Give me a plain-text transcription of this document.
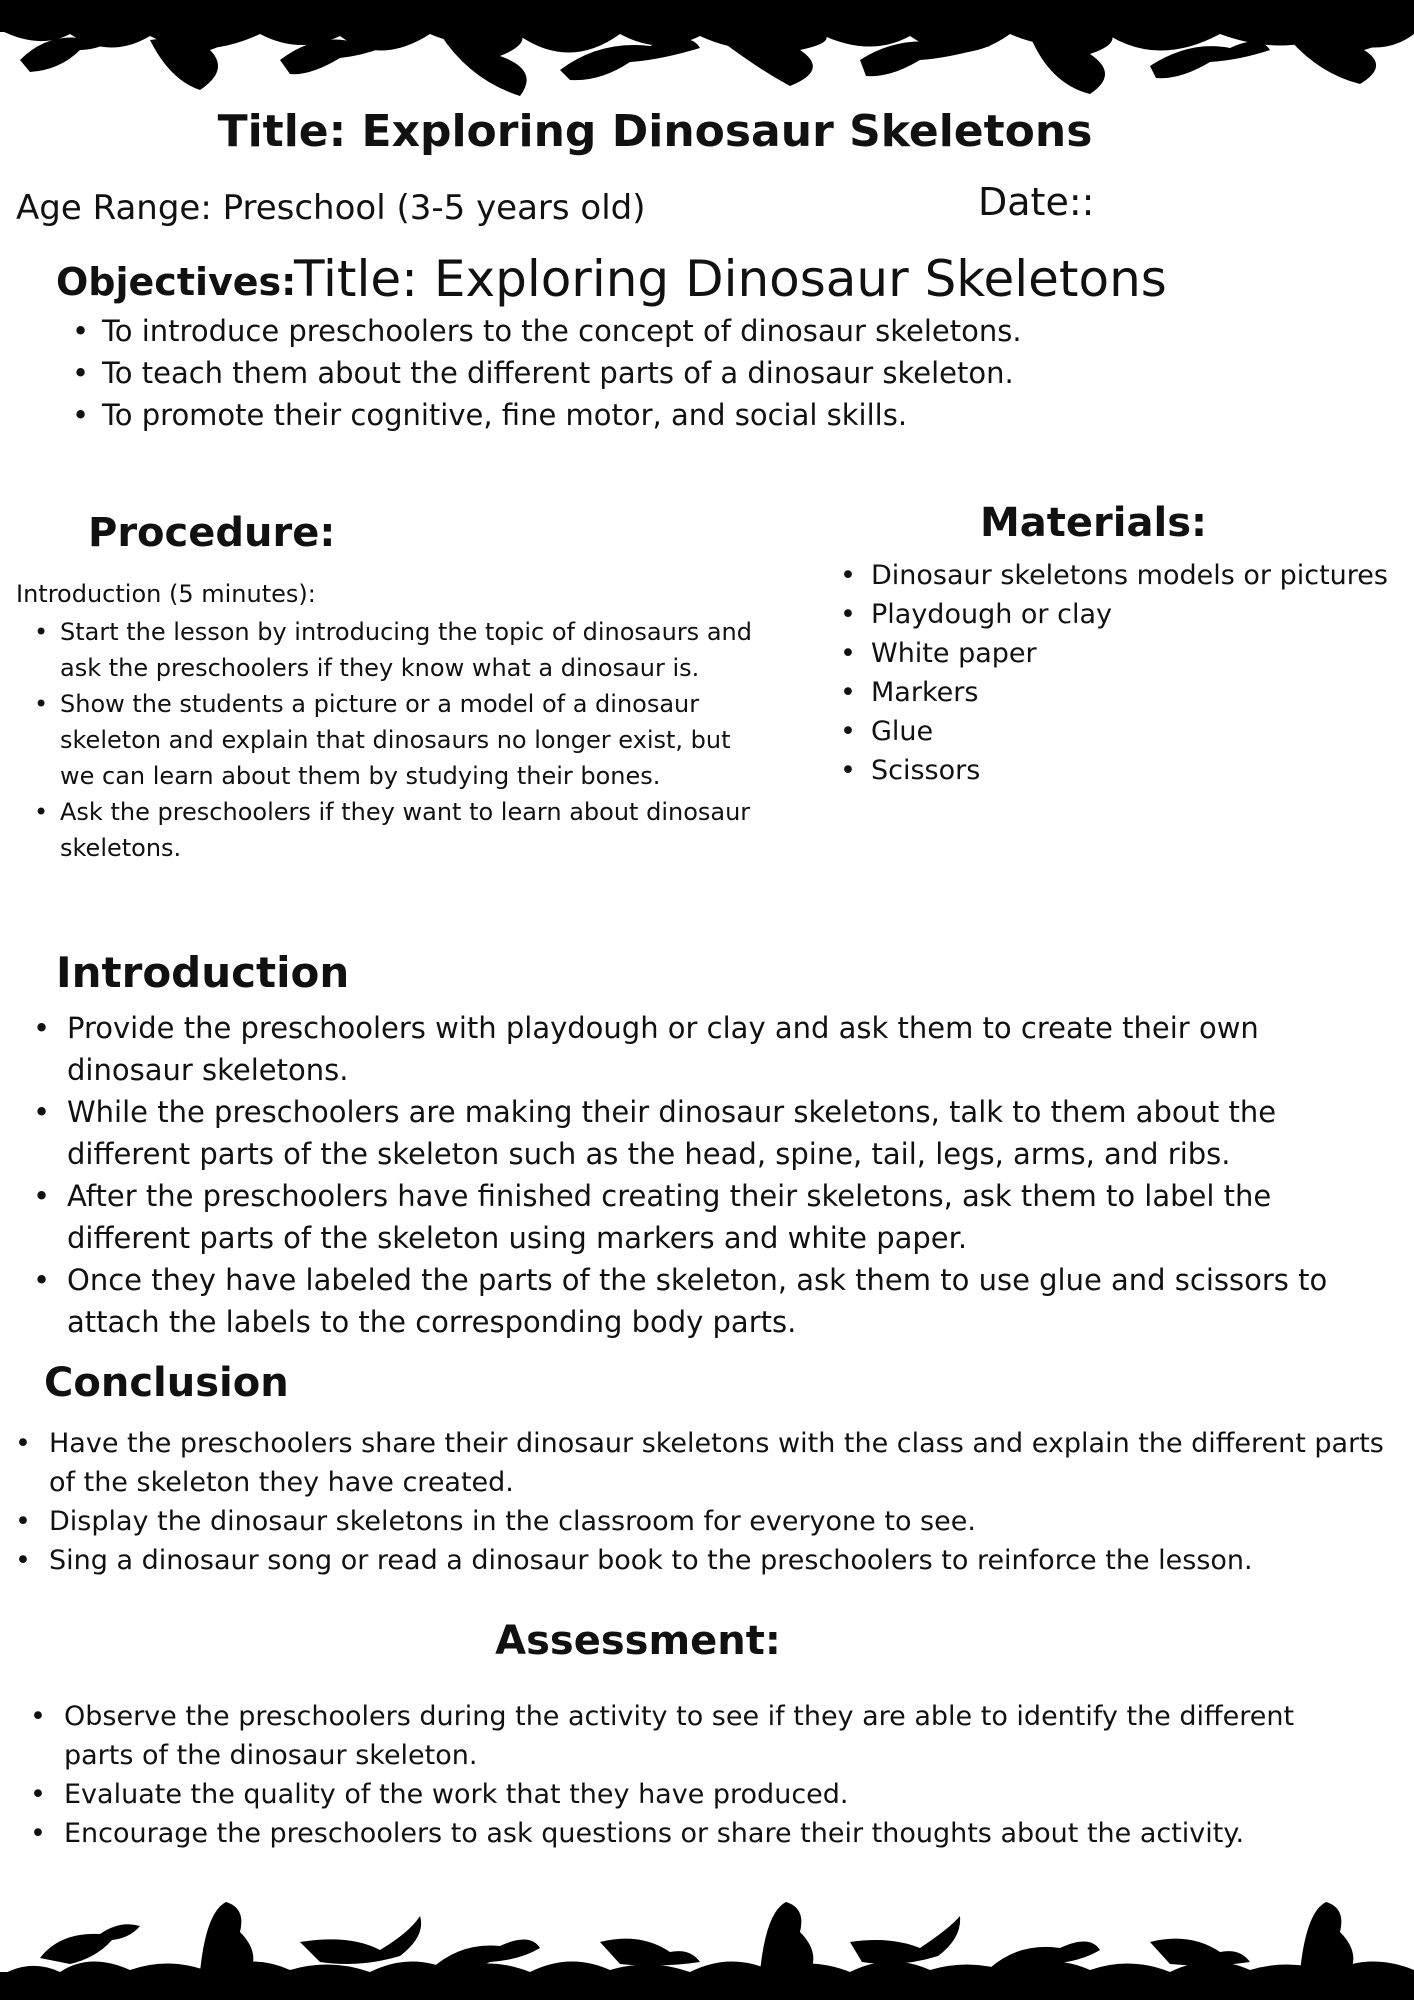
Title: Exploring Dinosaur Skeletons
Age Range: Preschool (3-5 years old)	Date::
Objectives:
Title: Exploring Dinosaur Skeletons
• To introduce preschoolers to the concept of dinosaur skeletons.
• To teach them about the different parts of a dinosaur skeleton.
• To promote their cognitive, fine motor, and social skills.
Procedure:
Introduction (5 minutes):
• Start the lesson by introducing the topic of dinosaurs and ask the preschoolers if they know what a dinosaur is.
• Show the students a picture or a model of a dinosaur skeleton and explain that dinosaurs no longer exist, but we can learn about them by studying their bones.
• Ask the preschoolers if they want to learn about dinosaur skeletons.
Materials:
• Dinosaur skeletons models or pictures
• Playdough or clay
• White paper
• Markers
• Glue
• Scissors
Introduction
• Provide the preschoolers with playdough or clay and ask them to create their own dinosaur skeletons.
• While the preschoolers are making their dinosaur skeletons, talk to them about the different parts of the skeleton such as the head, spine, tail, legs, arms, and ribs.
• After the preschoolers have finished creating their skeletons, ask them to label the different parts of the skeleton using markers and white paper.
• Once they have labeled the parts of the skeleton, ask them to use glue and scissors to attach the labels to the corresponding body parts.
Conclusion
• Have the preschoolers share their dinosaur skeletons with the class and explain the different parts of the skeleton they have created.
• Display the dinosaur skeletons in the classroom for everyone to see.
• Sing a dinosaur song or read a dinosaur book to the preschoolers to reinforce the lesson.
Assessment:
• Observe the preschoolers during the activity to see if they are able to identify the different parts of the dinosaur skeleton.
• Evaluate the quality of the work that they have produced.
• Encourage the preschoolers to ask questions or share their thoughts about the activity.
